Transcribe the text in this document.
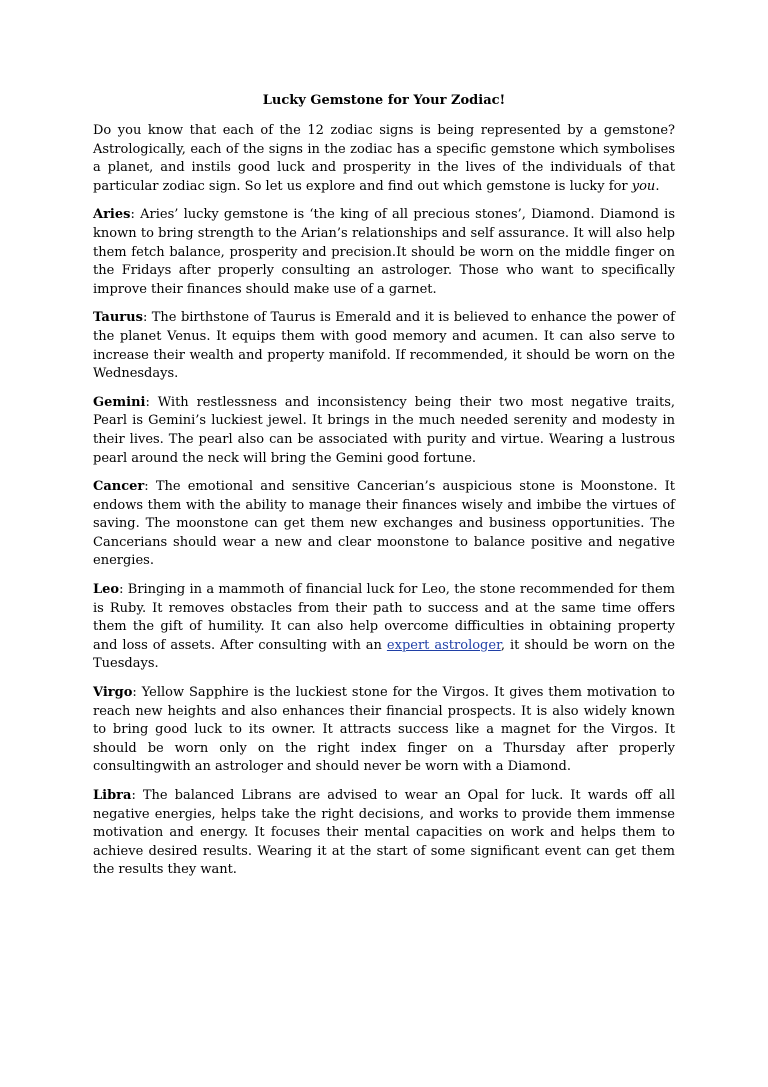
Lucky Gemstone for Your Zodiac!

Do you know that each of the 12 zodiac signs is being represented by a gemstone? Astrologically, each of the signs in the zodiac has a specific gemstone which symbolises a planet, and instils good luck and prosperity in the lives of the individuals of that particular zodiac sign. So let us explore and find out which gemstone is lucky for you.

Aries: Aries’ lucky gemstone is ‘the king of all precious stones’, Diamond. Diamond is known to bring strength to the Arian’s relationships and self assurance. It will also help them fetch balance, prosperity and precision.It should be worn on the middle finger on the Fridays after properly consulting an astrologer. Those who want to specifically improve their finances should make use of a garnet.

Taurus: The birthstone of Taurus is Emerald and it is believed to enhance the power of the planet Venus. It equips them with good memory and acumen. It can also serve to increase their wealth and property manifold. If recommended, it should be worn on the Wednesdays.

Gemini: With restlessness and inconsistency being their two most negative traits, Pearl is Gemini’s luckiest jewel. It brings in the much needed serenity and modesty in their lives. The pearl also can be associated with purity and virtue. Wearing a lustrous pearl around the neck will bring the Gemini good fortune.

Cancer: The emotional and sensitive Cancerian’s auspicious stone is Moonstone. It endows them with the ability to manage their finances wisely and imbibe the virtues of saving. The moonstone can get them new exchanges and business opportunities. The Cancerians should wear a new and clear moonstone to balance positive and negative energies.

Leo: Bringing in a mammoth of financial luck for Leo, the stone recommended for them is Ruby. It removes obstacles from their path to success and at the same time offers them the gift of humility. It can also help overcome difficulties in obtaining property and loss of assets. After consulting with an expert astrologer, it should be worn on the Tuesdays.

Virgo: Yellow Sapphire is the luckiest stone for the Virgos. It gives them motivation to reach new heights and also enhances their financial prospects. It is also widely known to bring good luck to its owner. It attracts success like a magnet for the Virgos. It should be worn only on the right index finger on a Thursday after properly consultingwith an astrologer and should never be worn with a Diamond.

Libra: The balanced Librans are advised to wear an Opal for luck. It wards off all negative energies, helps take the right decisions, and works to provide them immense motivation and energy. It focuses their mental capacities on work and helps them to achieve desired results. Wearing it at the start of some significant event can get them the results they want.
